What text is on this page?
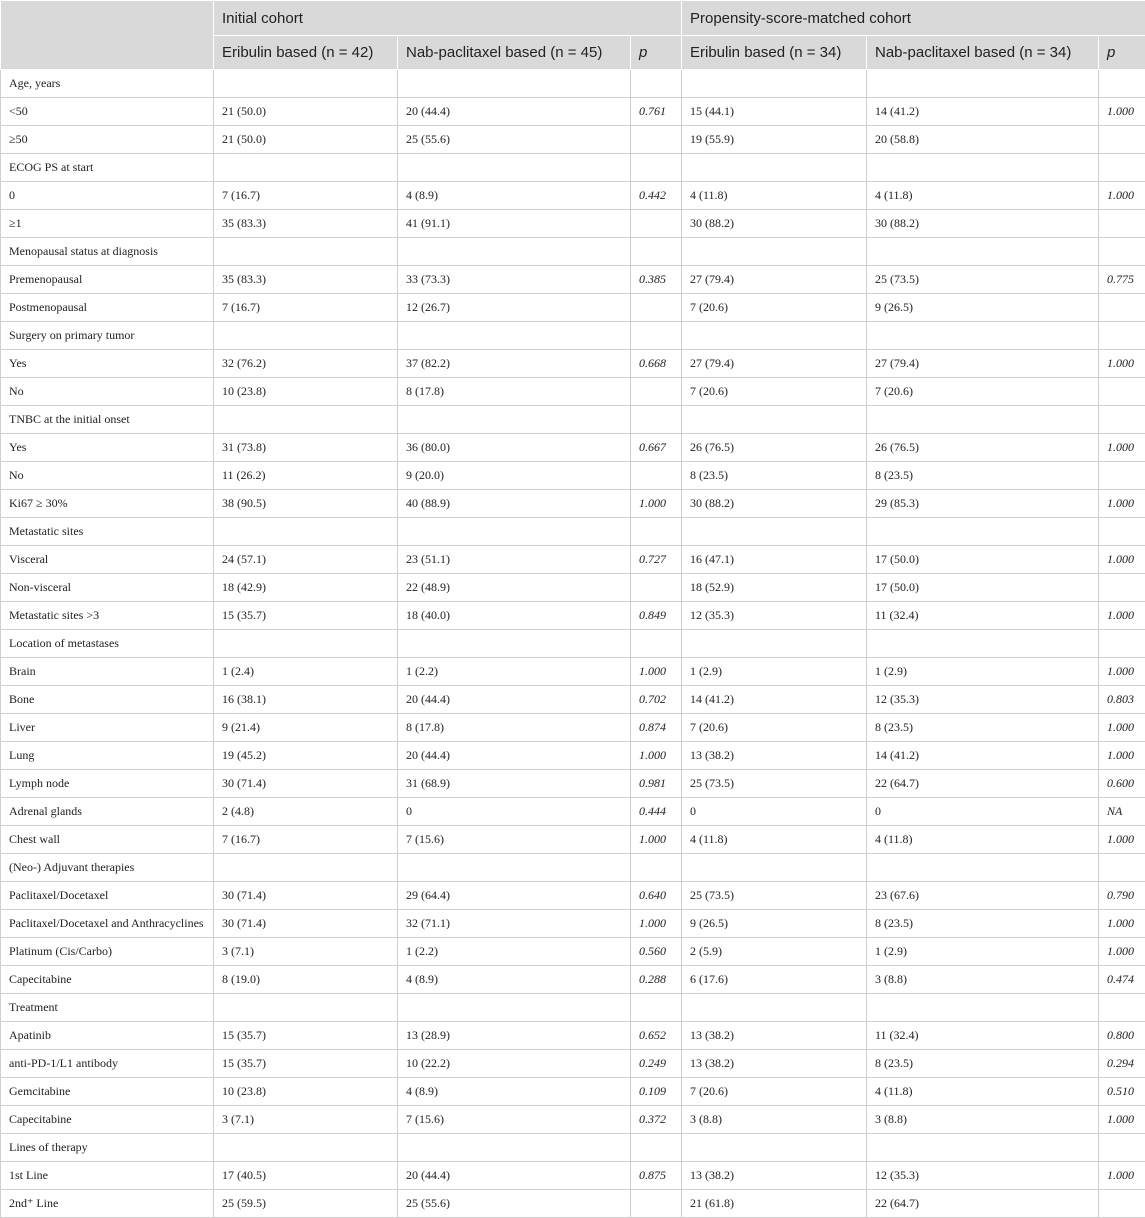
	Initial cohort			Propensity-score-matched cohort		
	Eribulin based (n = 42)	Nab-paclitaxel based (n = 45)	p	Eribulin based (n = 34)	Nab-paclitaxel based (n = 34)	p
Age, years						
<50	21 (50.0)	20 (44.4)	0.761	15 (44.1)	14 (41.2)	1.000
≥50	21 (50.0)	25 (55.6)		19 (55.9)	20 (58.8)	
ECOG PS at start						
0	7 (16.7)	4 (8.9)	0.442	4 (11.8)	4 (11.8)	1.000
≥1	35 (83.3)	41 (91.1)		30 (88.2)	30 (88.2)	
Menopausal status at diagnosis						
Premenopausal	35 (83.3)	33 (73.3)	0.385	27 (79.4)	25 (73.5)	0.775
Postmenopausal	7 (16.7)	12 (26.7)		7 (20.6)	9 (26.5)	
Surgery on primary tumor						
Yes	32 (76.2)	37 (82.2)	0.668	27 (79.4)	27 (79.4)	1.000
No	10 (23.8)	8 (17.8)		7 (20.6)	7 (20.6)	
TNBC at the initial onset						
Yes	31 (73.8)	36 (80.0)	0.667	26 (76.5)	26 (76.5)	1.000
No	11 (26.2)	9 (20.0)		8 (23.5)	8 (23.5)	
Ki67 ≥ 30%	38 (90.5)	40 (88.9)	1.000	30 (88.2)	29 (85.3)	1.000
Metastatic sites						
Visceral	24 (57.1)	23 (51.1)	0.727	16 (47.1)	17 (50.0)	1.000
Non-visceral	18 (42.9)	22 (48.9)		18 (52.9)	17 (50.0)	
Metastatic sites >3	15 (35.7)	18 (40.0)	0.849	12 (35.3)	11 (32.4)	1.000
Location of metastases						
Brain	1 (2.4)	1 (2.2)	1.000	1 (2.9)	1 (2.9)	1.000
Bone	16 (38.1)	20 (44.4)	0.702	14 (41.2)	12 (35.3)	0.803
Liver	9 (21.4)	8 (17.8)	0.874	7 (20.6)	8 (23.5)	1.000
Lung	19 (45.2)	20 (44.4)	1.000	13 (38.2)	14 (41.2)	1.000
Lymph node	30 (71.4)	31 (68.9)	0.981	25 (73.5)	22 (64.7)	0.600
Adrenal glands	2 (4.8)	0	0.444	0	0	NA
Chest wall	7 (16.7)	7 (15.6)	1.000	4 (11.8)	4 (11.8)	1.000
(Neo-) Adjuvant therapies						
Paclitaxel/Docetaxel	30 (71.4)	29 (64.4)	0.640	25 (73.5)	23 (67.6)	0.790
Paclitaxel/Docetaxel and Anthracyclines	30 (71.4)	32 (71.1)	1.000	9 (26.5)	8 (23.5)	1.000
Platinum (Cis/Carbo)	3 (7.1)	1 (2.2)	0.560	2 (5.9)	1 (2.9)	1.000
Capecitabine	8 (19.0)	4 (8.9)	0.288	6 (17.6)	3 (8.8)	0.474
Treatment						
Apatinib	15 (35.7)	13 (28.9)	0.652	13 (38.2)	11 (32.4)	0.800
anti-PD-1/L1 antibody	15 (35.7)	10 (22.2)	0.249	13 (38.2)	8 (23.5)	0.294
Gemcitabine	10 (23.8)	4 (8.9)	0.109	7 (20.6)	4 (11.8)	0.510
Capecitabine	3 (7.1)	7 (15.6)	0.372	3 (8.8)	3 (8.8)	1.000
Lines of therapy						
1st Line	17 (40.5)	20 (44.4)	0.875	13 (38.2)	12 (35.3)	1.000
2nd⁺ Line	25 (59.5)	25 (55.6)		21 (61.8)	22 (64.7)	
